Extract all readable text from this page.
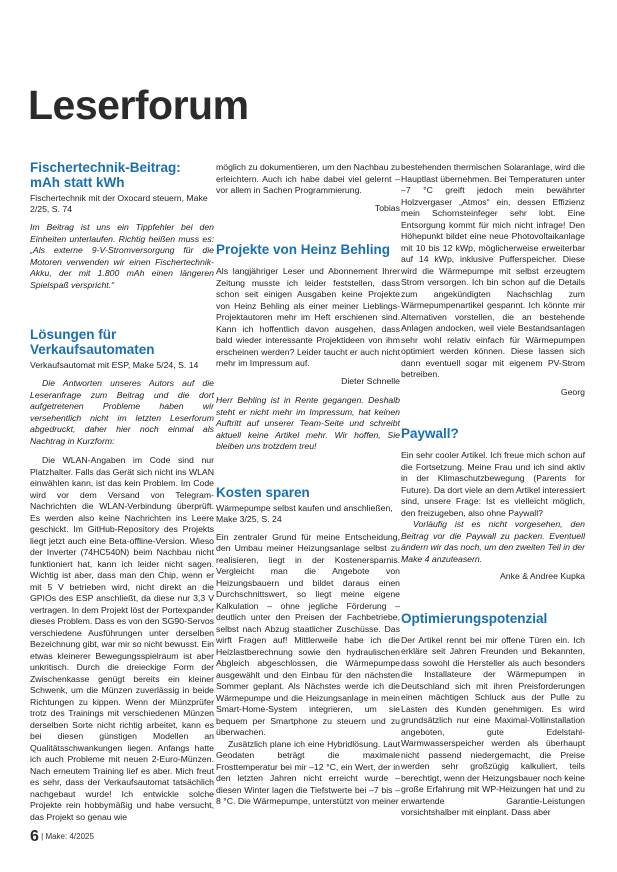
Leserforum
Fischertechnik-Beitrag: mAh statt kWh
Fischertechnik mit der Oxocard steuern, Make 2/25, S. 74

Im Beitrag ist uns ein Tippfehler bei den Einheiten unterlaufen. Richtig heißen muss es: „Als externe 9-V-Stromversorgung für die Motoren verwenden wir einen Fischertechnik-Akku, der mit 1.800 mAh einen längeren Spielspaß verspricht.“

Lösungen für Verkaufsautomaten
Verkaufsautomat mit ESP, Make 5/24, S. 14

Die Antworten unseres Autors auf die Leseranfrage zum Beitrag und die dort aufgetretenen Probleme haben wir versehentlich nicht im letzten Leserforum abgedruckt, daher hier noch einmal als Nachtrag in Kurzform:

Die WLAN-Angaben im Code sind nur Platzhalter. Falls das Gerät sich nicht ins WLAN einwählen kann, ist das kein Problem. Im Code wird vor dem Versand von Telegram-Nachrichten die WLAN-Verbindung überprüft. Es werden also keine Nachrichten ins Leere geschickt. Im GitHub-Repository des Projekts liegt jetzt auch eine Beta-offline-Version. Wieso der Inverter (74HC540N) beim Nachbau nicht funktioniert hat, kann ich leider nicht sagen. Wichtig ist aber, dass man den Chip, wenn er mit 5 V betrieben wird, nicht direkt an die GPIOs des ESP anschließt, da diese nur 3,3 V vertragen. In dem Projekt löst der Portexpander dieses Problem. Dass es von den SG90-Servos verschiedene Ausführungen unter derselben Bezeichnung gibt, war mir so nicht bewusst. Ein etwas kleinerer Bewegungsspielraum ist aber unkritisch. Durch die dreieckige Form der Zwischenkasse genügt bereits ein kleiner Schwenk, um die Münzen zuverlässig in beide Richtungen zu kippen. Wenn der Münzprüfer trotz des Trainings mit verschiedenen Münzen derselben Sorte nicht richtig arbeitet, kann es bei diesen günstigen Modellen an Qualitätsschwankungen liegen. Anfangs hatte ich auch Probleme mit neuen 2-Euro-Münzen. Nach erneutem Training lief es aber. Mich freut es sehr, dass der Verkaufsautomat tatsächlich nachgebaut wurde! Ich entwickle solche Projekte rein hobbymäßig und habe versucht, das Projekt so genau wie

möglich zu dokumentieren, um den Nachbau zu erleichtern. Auch ich habe dabei viel gelernt – vor allem in Sachen Programmierung.

Tobias

Projekte von Heinz Behling

Als langjähriger Leser und Abonnement Ihrer Zeitung musste ich leider feststellen, dass schon seit einigen Ausgaben keine Projekte von Heinz Behling als einer meiner Lieblings-Projektautoren mehr im Heft erschienen sind. Kann ich hoffentlich davon ausgehen, dass bald wieder interessante Projektideen von ihm erscheinen werden? Leider taucht er auch nicht mehr im Impressum auf.

Dieter Schnelle

Herr Behling ist in Rente gegangen. Deshalb steht er nicht mehr im Impressum, hat keinen Auftritt auf unserer Team-Seite und schreibt aktuell keine Artikel mehr. Wir hoffen, Sie bleiben uns trotzdem treu!

Kosten sparen
Wärmepumpe selbst kaufen und anschließen, Make 3/25, S. 24

Ein zentraler Grund für meine Entscheidung, den Umbau meiner Heizungsanlage selbst zu realisieren, liegt in der Kostenersparnis. Vergleicht man die Angebote von Heizungsbauern und bildet daraus einen Durchschnittswert, so liegt meine eigene Kalkulation – ohne jegliche Förderung – deutlich unter den Preisen der Fachbetriebe, selbst nach Abzug staatlicher Zuschüsse. Das wirft Fragen auf! Mittlerweile habe ich die Heizlastberechnung sowie den hydraulischen Abgleich abgeschlossen, die Wärmepumpe ausgewählt und den Einbau für den nächsten Sommer geplant. Als Nächstes werde ich die Wärmepumpe und die Heizungsanlage in mein Smart-Home-System integrieren, um sie bequem per Smartphone zu steuern und zu überwachen.

Zusätzlich plane ich eine Hybridlösung. Laut Geodaten beträgt die maximale Frosttemperatur bei mir –12 °C, ein Wert, der in den letzten Jahren nicht erreicht wurde – diesen Winter lagen die Tiefstwerte bei –7 bis –8 °C. Die Wärmepumpe, unterstützt von meiner

bestehenden thermischen Solaranlage, wird die Hauptlast übernehmen. Bei Temperaturen unter –7 °C greift jedoch mein bewährter Holzvergaser „Atmos“ ein, dessen Effizienz mein Schornsteinfeger sehr lobt. Eine Entsorgung kommt für mich nicht infrage! Den Höhepunkt bildet eine neue Photovoltaikanlage mit 10 bis 12 kWp, möglicherweise erweiterbar auf 14 kWp, inklusive Pufferspeicher. Diese wird die Wärmepumpe mit selbst erzeugtem Strom versorgen. Ich bin schon auf die Details zum angekündigten Nachschlag zum Wärmepumpenartikel gespannt. Ich könnte mir Alternativen vorstellen, die an bestehende Anlagen andocken, weil viele Bestandsanlagen sehr wohl relativ einfach für Wärmepumpen optimiert werden können. Diese lassen sich dann eventuell sogar mit eigenem PV-Strom betreiben.

Georg

Paywall?

Ein sehr cooler Artikel. Ich freue mich schon auf die Fortsetzung. Meine Frau und ich sind aktiv in der Klimaschutzbewegung (Parents for Future). Da dort viele an dem Artikel interessiert sind, unsere Frage: Ist es vielleicht möglich, den freizugeben, also ohne Paywall?

Vorläufig ist es nicht vorgesehen, den Beitrag vor die Paywall zu packen. Eventuell ändern wir das noch, um den zweiten Teil in der Make 4 anzuteasern.

Anke & Andree Kupka

Optimierungspotenzial

Der Artikel rennt bei mir offene Türen ein. Ich erkläre seit Jahren Freunden und Bekannten, dass sowohl die Hersteller als auch besonders die Installateure der Wärmepumpen in Deutschland sich mit ihren Preisforderungen einen mächtigen Schluck aus der Pulle zu Lasten des Kunden genehmigen. Es wird grundsätzlich nur eine Maximal-Vollinstallation angeboten, gute Edelstahl-Warmwasserspeicher werden als überhaupt nicht passend niedergemacht, die Preise werden sehr großzügig kalkuliert, teils berechtigt, wenn der Heizungsbauer noch keine große Erfahrung mit WP-Heizungen hat und zu erwartende Garantie-Leistungen vorsichtshalber mit einplant. Dass aber

6 | Make: 4/2025
